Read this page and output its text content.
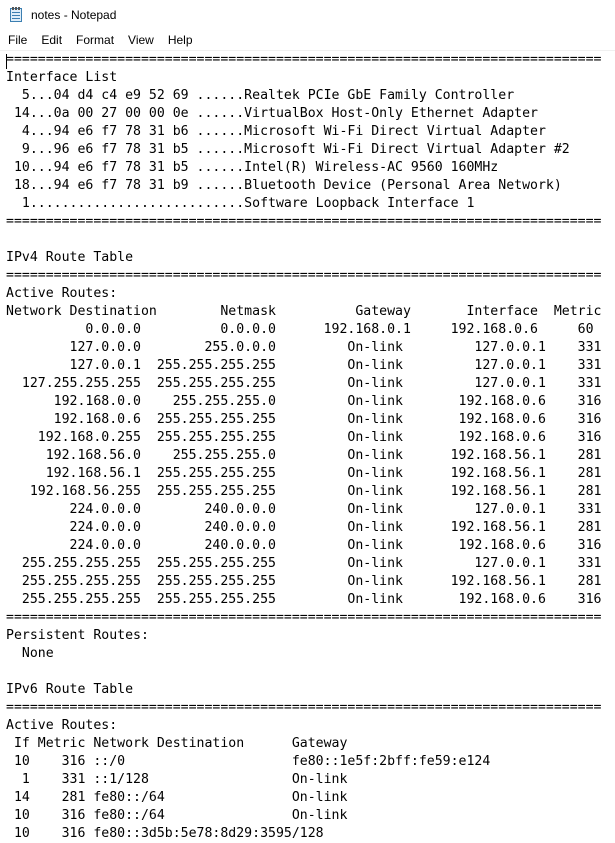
notes - Notepad
File	Edit	Format	View	Help
===========================================================================
Interface List
5...04 d4 c4 e9 52 69 ......Realtek PCIe GbE Family Controller
14...0a 00 27 00 00 0e ......VirtualBox Host-Only Ethernet Adapter
4...94 e6 f7 78 31 b6 ......Microsoft Wi-Fi Direct Virtual Adapter
9...96 e6 f7 78 31 b5 ......Microsoft Wi-Fi Direct Virtual Adapter #2
10...94 e6 f7 78 31 b5 ......Intel(R) Wireless-AC 9560 160MHz
18...94 e6 f7 78 31 b9 ......Bluetooth Device (Personal Area Network)
1...........................Software Loopback Interface 1
===========================================================================

IPv4 Route Table
===========================================================================
Active Routes:
Network Destination        Netmask          Gateway       Interface  Metric
0.0.0.0          0.0.0.0      192.168.0.1     192.168.0.6     60
127.0.0.0        255.0.0.0         On-link         127.0.0.1    331
127.0.0.1  255.255.255.255         On-link         127.0.0.1    331
127.255.255.255  255.255.255.255         On-link         127.0.0.1    331
192.168.0.0    255.255.255.0         On-link       192.168.0.6    316
192.168.0.6  255.255.255.255         On-link       192.168.0.6    316
192.168.0.255  255.255.255.255         On-link       192.168.0.6    316
192.168.56.0    255.255.255.0         On-link      192.168.56.1    281
192.168.56.1  255.255.255.255         On-link      192.168.56.1    281
192.168.56.255  255.255.255.255         On-link      192.168.56.1    281
224.0.0.0        240.0.0.0         On-link         127.0.0.1    331
224.0.0.0        240.0.0.0         On-link      192.168.56.1    281
224.0.0.0        240.0.0.0         On-link       192.168.0.6    316
255.255.255.255  255.255.255.255         On-link         127.0.0.1    331
255.255.255.255  255.255.255.255         On-link      192.168.56.1    281
255.255.255.255  255.255.255.255         On-link       192.168.0.6    316
===========================================================================
Persistent Routes:
None

IPv6 Route Table
===========================================================================
Active Routes:
If Metric Network Destination      Gateway
10    316 ::/0                     fe80::1e5f:2bff:fe59:e124
1    331 ::1/128                  On-link
14    281 fe80::/64                On-link
10    316 fe80::/64                On-link
10    316 fe80::3d5b:5e78:8d29:3595/128
